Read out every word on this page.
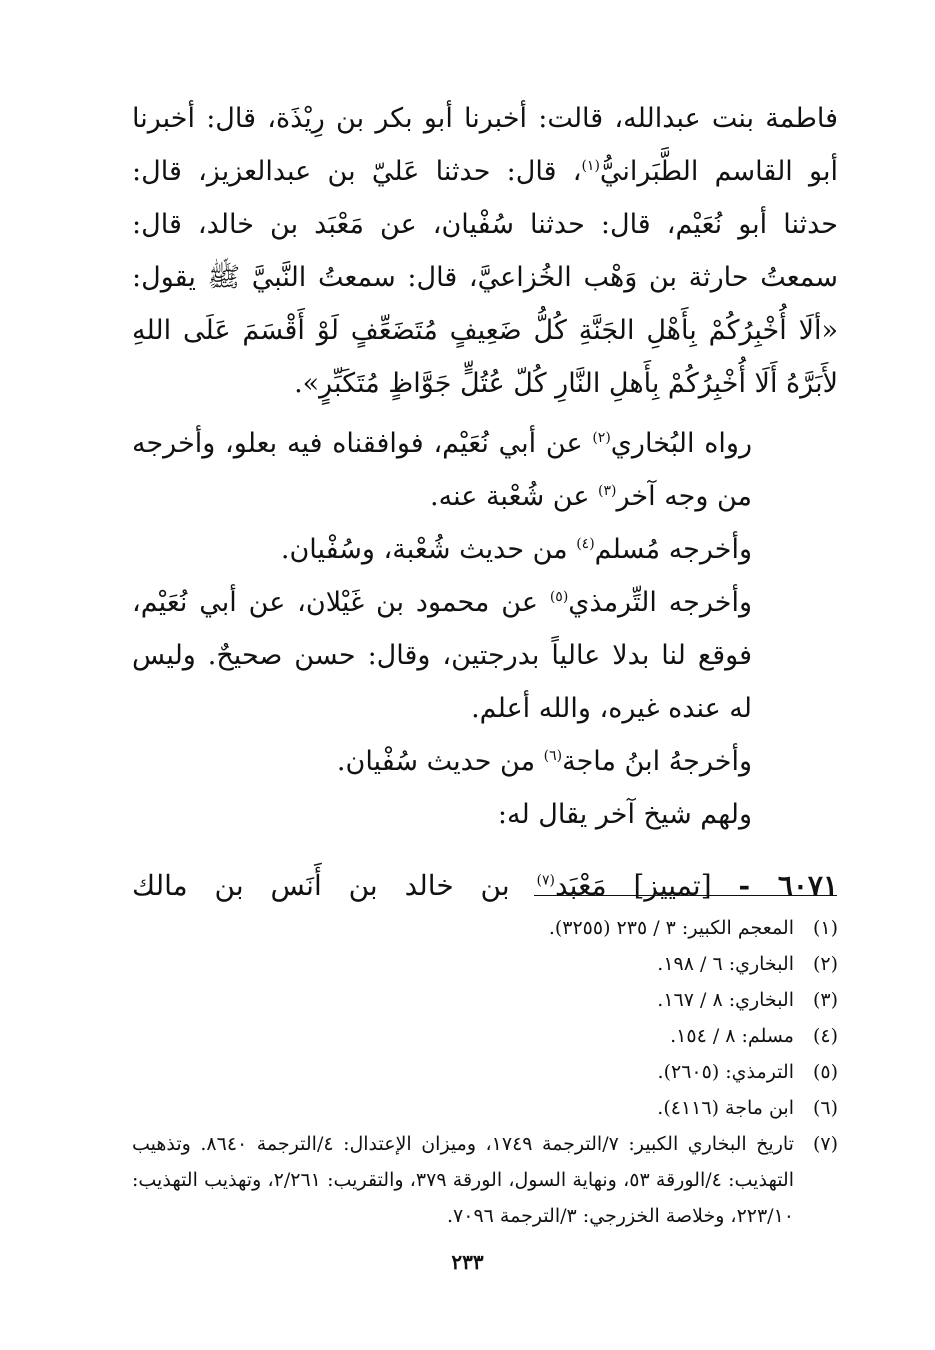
فاطمة بنت عبدالله، قالت: أخبرنا أبو بكر بن رِيْذَة، قال: أخبرنا أبو القاسم الطَّبَرانيُّ$^{(١)}$، قال: حدثنا عَليّ بن عبدالعزيز، قال: حدثنا أبو نُعَيْم، قال: حدثنا سُفْيان، عن مَعْبَد بن خالد، قال: سمعتُ حارثة بن وَهْب الخُزاعيَّ، قال: سمعتُ النَّبيَّ ﷺ يقول: «ألَا أُخْبِرُكُمْ بِأَهْلِ الجَنَّةِ كُلُّ ضَعِيفٍ مُتَضَعِّفٍ لَوْ أَقْسَمَ عَلَى اللهِ لأَبَرَّهُ أَلَا أُخْبِرُكُمْ بِأَهلِ النَّارِ كُلّ عُتُلٍّ جَوَّاظٍ مُتَكَبِّرٍ».

رواه البُخاري$^{(٢)}$ عن أبي نُعَيْم، فوافقناه فيه بعلو، وأخرجه من وجه آخر$^{(٣)}$ عن شُعْبة عنه.

وأخرجه مُسلم$^{(٤)}$ من حديث شُعْبة، وسُفْيان.

وأخرجه التِّرمذي$^{(٥)}$ عن محمود بن غَيْلان، عن أبي نُعَيْم، فوقع لنا بدلا عالياً بدرجتين، وقال: حسن صحيحٌ. وليس له عنده غيره، والله أعلم.

وأخرجهُ ابنُ ماجة$^{(٦)}$ من حديث سُفْيان.

ولهم شيخ آخر يقال له:

٦٠٧١ - [تمييز] مَعْبَد$^{(٧)}$ بن خالد بن أَنَس بن مالك

(١)
المعجم الكبير: ٣ / ٢٣٥ (٣٢٥٥).
(٢)
البخاري: ٦ / ١٩٨.
(٣)
البخاري: ٨ / ١٦٧.
(٤)
مسلم: ٨ / ١٥٤.
(٥)
الترمذي: (٢٦٠٥).
(٦)
ابن ماجة (٤١١٦).
(٧)
تاريخ البخاري الكبير: ٧/الترجمة ١٧٤٩، وميزان الإعتدال: ٤/الترجمة ٨٦٤٠. وتذهيب التهذيب: ٤/الورقة ٥٣، ونهاية السول، الورقة ٣٧٩، والتقريب: ٢/٢٦١، وتهذيب التهذيب: ٢٢٣/١٠، وخلاصة الخزرجي: ٣/الترجمة ٧٠٩٦.
٢٣٣
